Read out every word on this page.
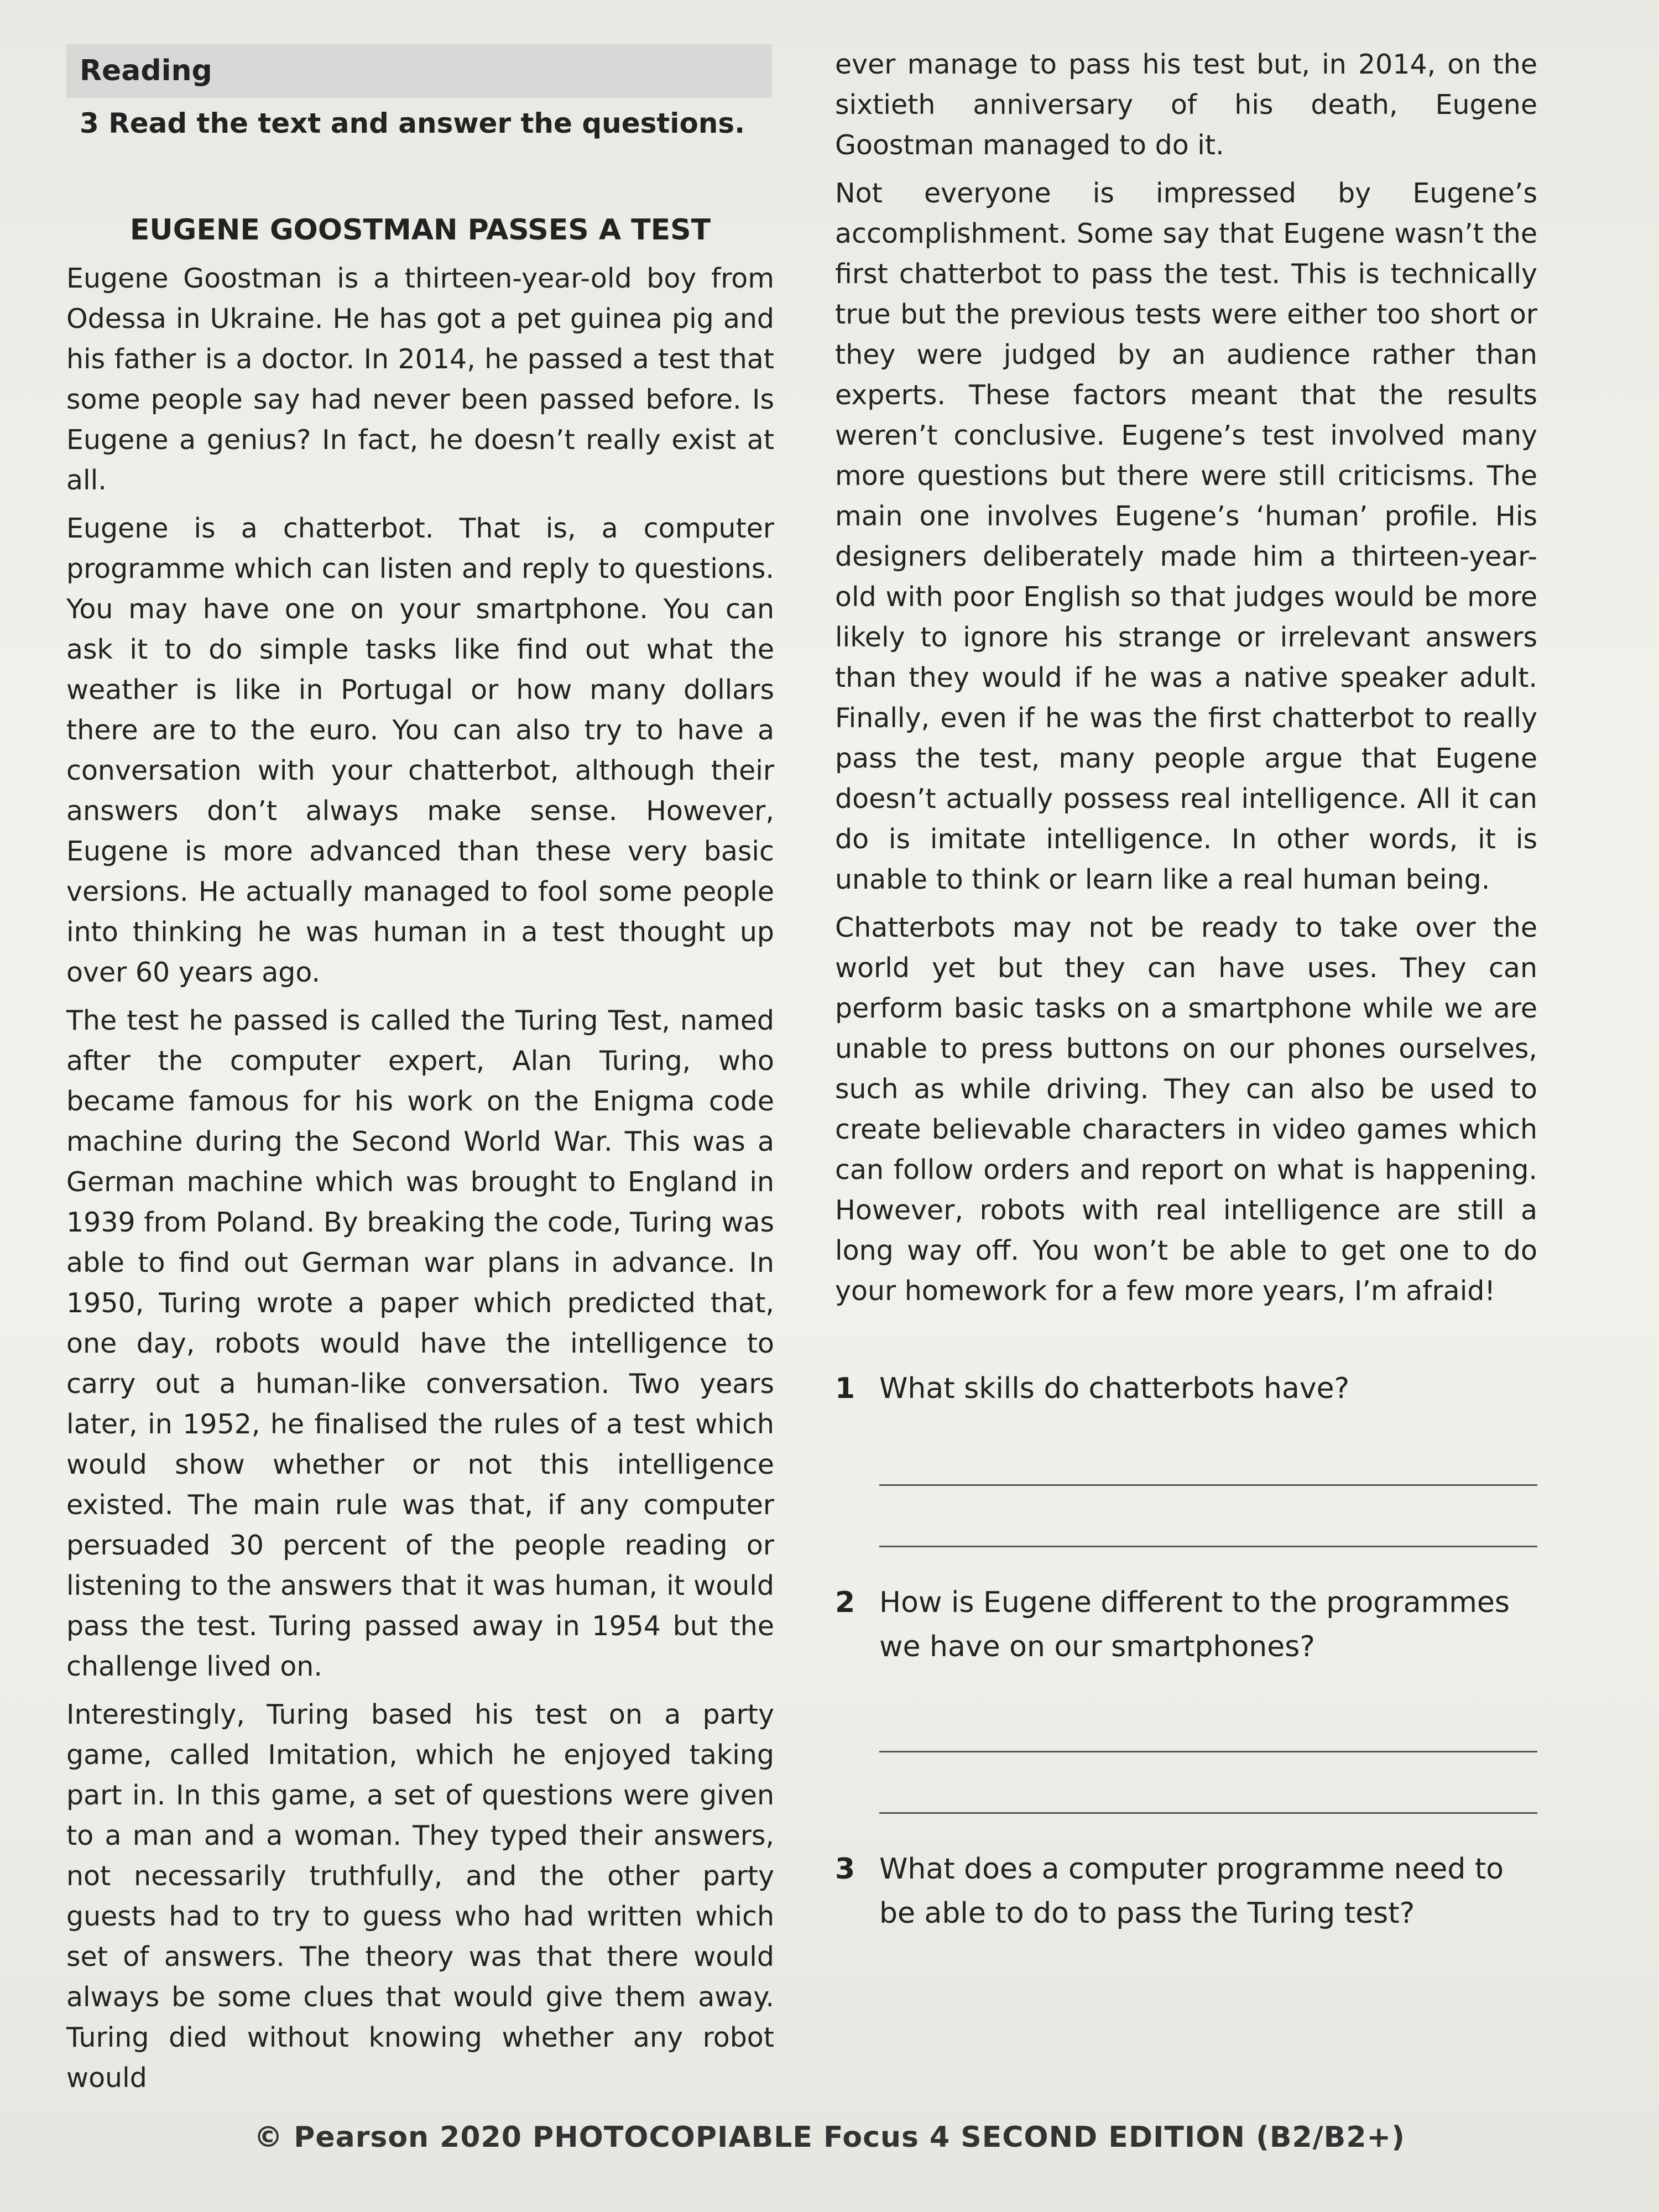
Reading
3 Read the text and answer the questions.
EUGENE GOOSTMAN PASSES A TEST

Eugene Goostman is a thirteen-year-old boy from Odessa in Ukraine. He has got a pet guinea pig and his father is a doctor. In 2014, he passed a test that some people say had never been passed before. Is Eugene a genius? In fact, he doesn’t really exist at all.

Eugene is a chatterbot. That is, a computer programme which can listen and reply to questions. You may have one on your smartphone. You can ask it to do simple tasks like find out what the weather is like in Portugal or how many dollars there are to the euro. You can also try to have a conversation with your chatterbot, although their answers don’t always make sense. However, Eugene is more advanced than these very basic versions. He actually managed to fool some people into thinking he was human in a test thought up over 60 years ago.

The test he passed is called the Turing Test, named after the computer expert, Alan Turing, who became famous for his work on the Enigma code machine during the Second World War. This was a German machine which was brought to England in 1939 from Poland. By breaking the code, Turing was able to find out German war plans in advance. In 1950, Turing wrote a paper which predicted that, one day, robots would have the intelligence to carry out a human-like conversation. Two years later, in 1952, he finalised the rules of a test which would show whether or not this intelligence existed. The main rule was that, if any computer persuaded 30 percent of the people reading or listening to the answers that it was human, it would pass the test. Turing passed away in 1954 but the challenge lived on.

Interestingly, Turing based his test on a party game, called Imitation, which he enjoyed taking part in. In this game, a set of questions were given to a man and a woman. They typed their answers, not necessarily truthfully, and the other party guests had to try to guess who had written which set of answers. The theory was that there would always be some clues that would give them away. Turing died without knowing whether any robot would

ever manage to pass his test but, in 2014, on the sixtieth anniversary of his death, Eugene Goostman managed to do it.

Not everyone is impressed by Eugene’s accomplishment. Some say that Eugene wasn’t the first chatterbot to pass the test. This is technically true but the previous tests were either too short or they were judged by an audience rather than experts. These factors meant that the results weren’t conclusive. Eugene’s test involved many more questions but there were still criticisms. The main one involves Eugene’s ‘human’ profile. His designers deliberately made him a thirteen-year-old with poor English so that judges would be more likely to ignore his strange or irrelevant answers than they would if he was a native speaker adult. Finally, even if he was the first chatterbot to really pass the test, many people argue that Eugene doesn’t actually possess real intelligence. All it can do is imitate intelligence. In other words, it is unable to think or learn like a real human being.

Chatterbots may not be ready to take over the world yet but they can have uses. They can perform basic tasks on a smartphone while we are unable to press buttons on our phones ourselves, such as while driving. They can also be used to create believable characters in video games which can follow orders and report on what is happening. However, robots with real intelligence are still a long way off. You won’t be able to get one to do your homework for a few more years, I’m afraid!

1 What skills do chatterbots have?
2 How is Eugene different to the programmes we have on our smartphones?
3 What does a computer programme need to be able to do to pass the Turing test?
© Pearson 2020 PHOTOCOPIABLE Focus 4 SECOND EDITION (B2/B2+)
